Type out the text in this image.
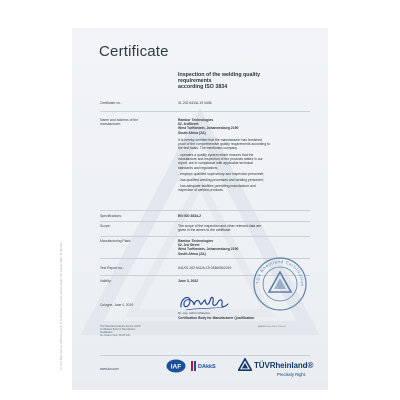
Nr. Info: 6521 Zert-Nr. 2002 Rev.GR-0 | TÜV Rheinland Industrie Service GmbH, Am Grauen Stein, 51105 Köln
Certificate
Inspection of the welding quality
requirements
according ISO 3834
Certificate no.:	01 202 641/A-19 0436
Name and address of the
manufacturer:
Ramkor Technologies
62, 3rdStreet
West Turffontein, Johannesburg 2190
South Africa (ZA)
It is hereby certified that the manufacturer has furnished
proof of the comprehensive quality requirements according to
the test basis. The mentioned company
- operates a quality system which ensures that the
manufacture and inspection of the products stated in our
report, are in compliance with applicable technical
standards and regulations;
- employs qualified supervisory and inspection personnel;
- has qualified welding processes and welding personnel;
- has adequate facilities permitting manufacture and
inspection of welded products.
Specifications:	EN ISO 3834-2
Scope:	The scope of the inspection and other relevant data are
given in the annex to the certificate.
Manufacturing Plant:	Ramkor Technologies
62, 3rd Street
West Turffontein, Johannesburg 2190
South Africa (ZA)
Test Report no.:	641/01 202 641/A-19 0436/06/2019
Validity:	June 3, 2022	TÜV Rheinland Certification
Cologne, June 4, 2019
Dr.-Ing. Achim Malecka
Certification Body for Manufacturer Qualification
(MANUF-Zert-0016-3 Rev.0)
TÜV Rheinland Industrie Service GmbH
Certification Body for Manufacturer
Qualification
Am Grauen Stein, 51105 Köln
www.tuv.com	IAF	DAkkS	TÜVRheinland®
Precisely Right.
